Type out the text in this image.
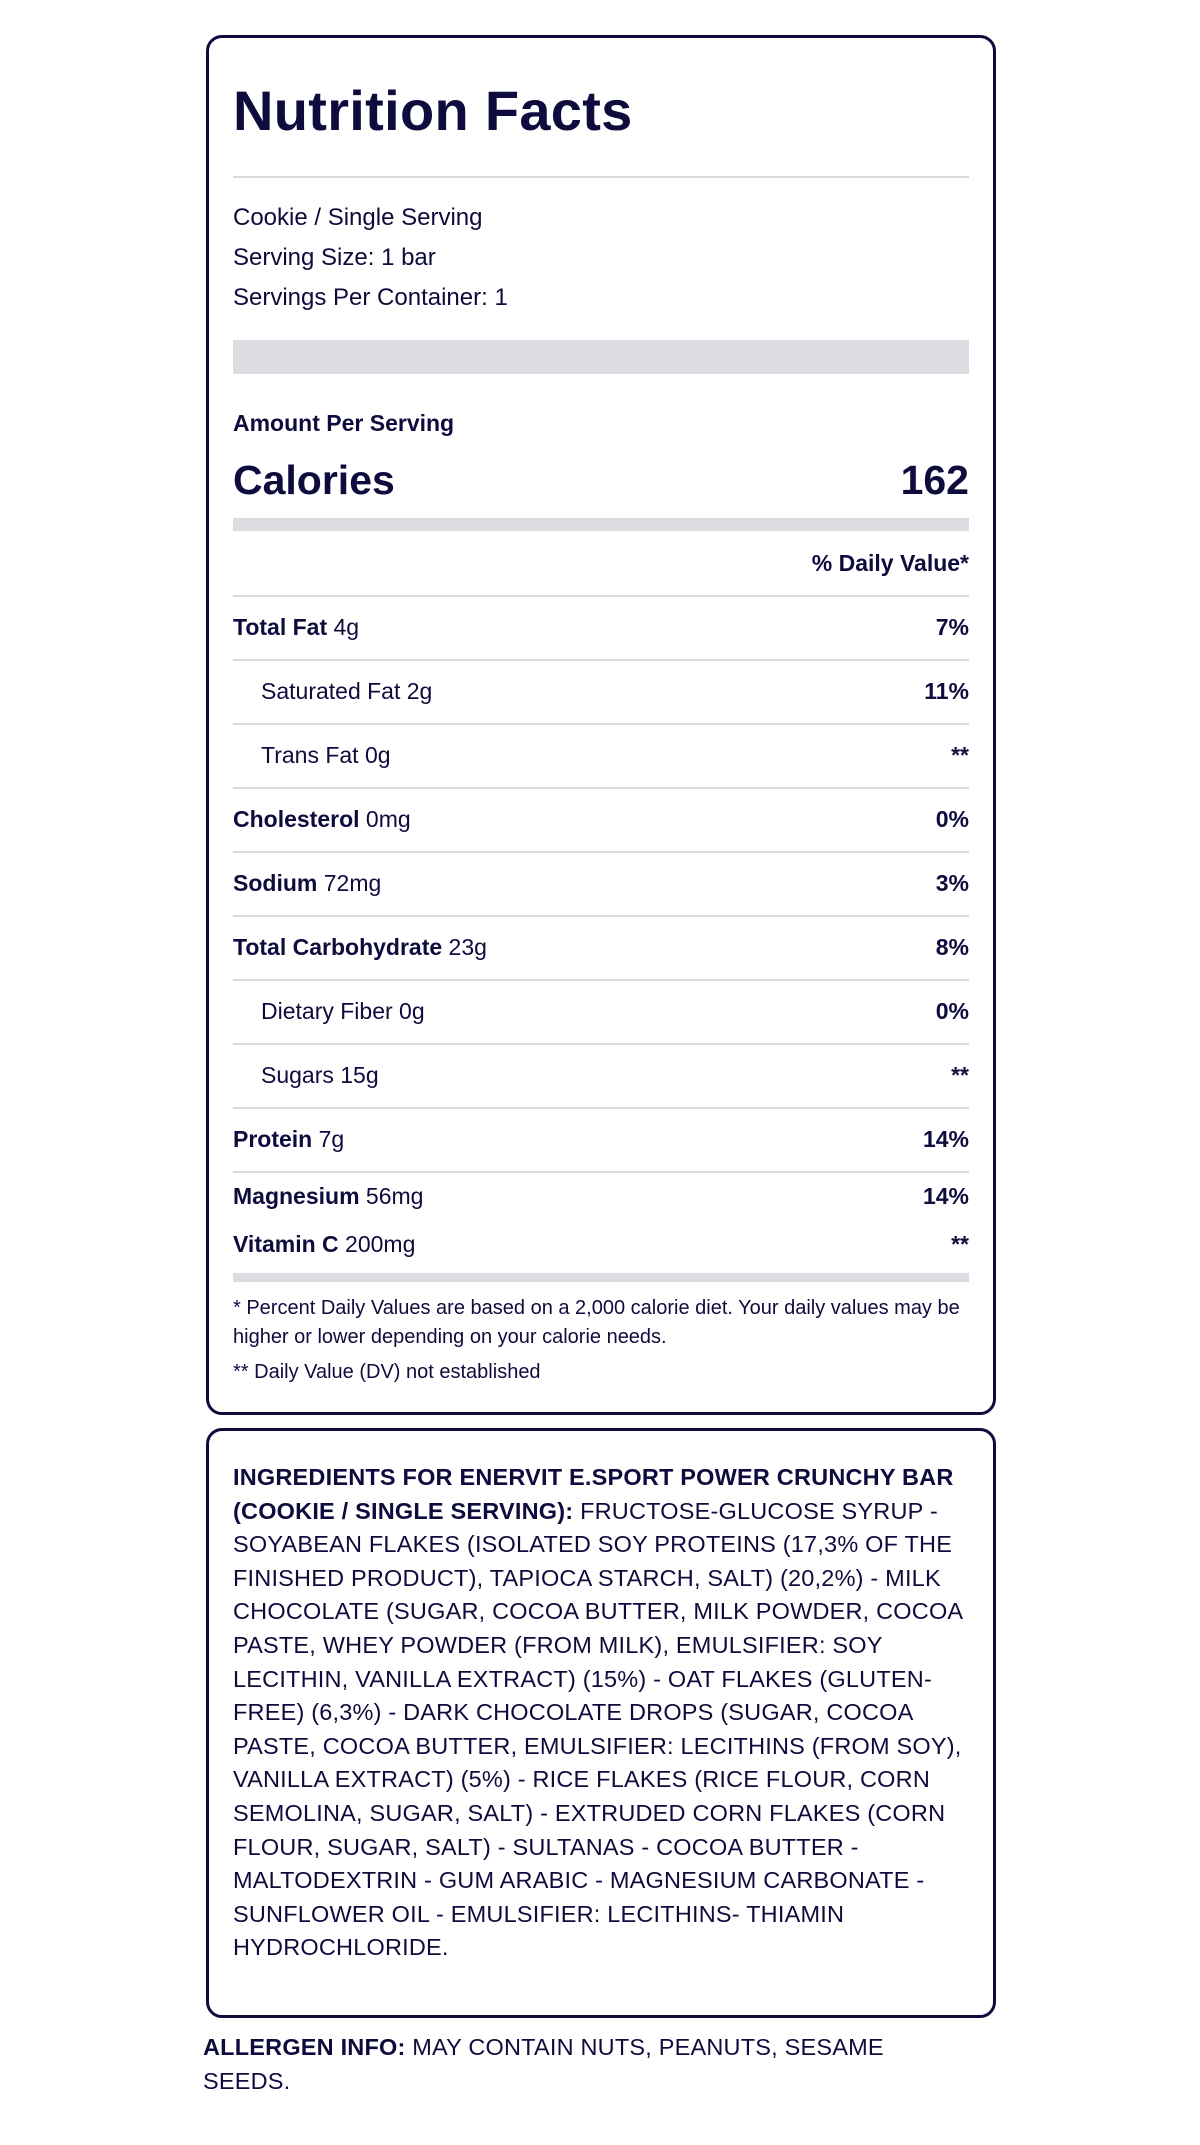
Nutrition Facts
Cookie / Single Serving
Serving Size: 1 bar
Servings Per Container: 1
Amount Per Serving
Calories	162
% Daily Value*
Total Fat 4g	7%
Saturated Fat 2g	11%
Trans Fat 0g	**
Cholesterol 0mg	0%
Sodium 72mg	3%
Total Carbohydrate 23g	8%
Dietary Fiber 0g	0%
Sugars 15g	**
Protein 7g	14%
Magnesium 56mg	14%
Vitamin C 200mg	**
* Percent Daily Values are based on a 2,000 calorie diet. Your daily values may be higher or lower depending on your calorie needs.
** Daily Value (DV) not established
INGREDIENTS FOR ENERVIT E.SPORT POWER CRUNCHY BAR (COOKIE / SINGLE SERVING): FRUCTOSE-GLUCOSE SYRUP - SOYABEAN FLAKES (ISOLATED SOY PROTEINS (17,3% OF THE FINISHED PRODUCT), TAPIOCA STARCH, SALT) (20,2%) - MILK CHOCOLATE (SUGAR, COCOA BUTTER, MILK POWDER, COCOA PASTE, WHEY POWDER (FROM MILK), EMULSIFIER: SOY LECITHIN, VANILLA EXTRACT) (15%) - OAT FLAKES (GLUTEN-FREE) (6,3%) - DARK CHOCOLATE DROPS (SUGAR, COCOA PASTE, COCOA BUTTER, EMULSIFIER: LECITHINS (FROM SOY), VANILLA EXTRACT) (5%) - RICE FLAKES (RICE FLOUR, CORN SEMOLINA, SUGAR, SALT) - EXTRUDED CORN FLAKES (CORN FLOUR, SUGAR, SALT) - SULTANAS - COCOA BUTTER - MALTODEXTRIN - GUM ARABIC - MAGNESIUM CARBONATE - SUNFLOWER OIL - EMULSIFIER: LECITHINS- THIAMIN HYDROCHLORIDE.
ALLERGEN INFO: MAY CONTAIN NUTS, PEANUTS, SESAME SEEDS.
